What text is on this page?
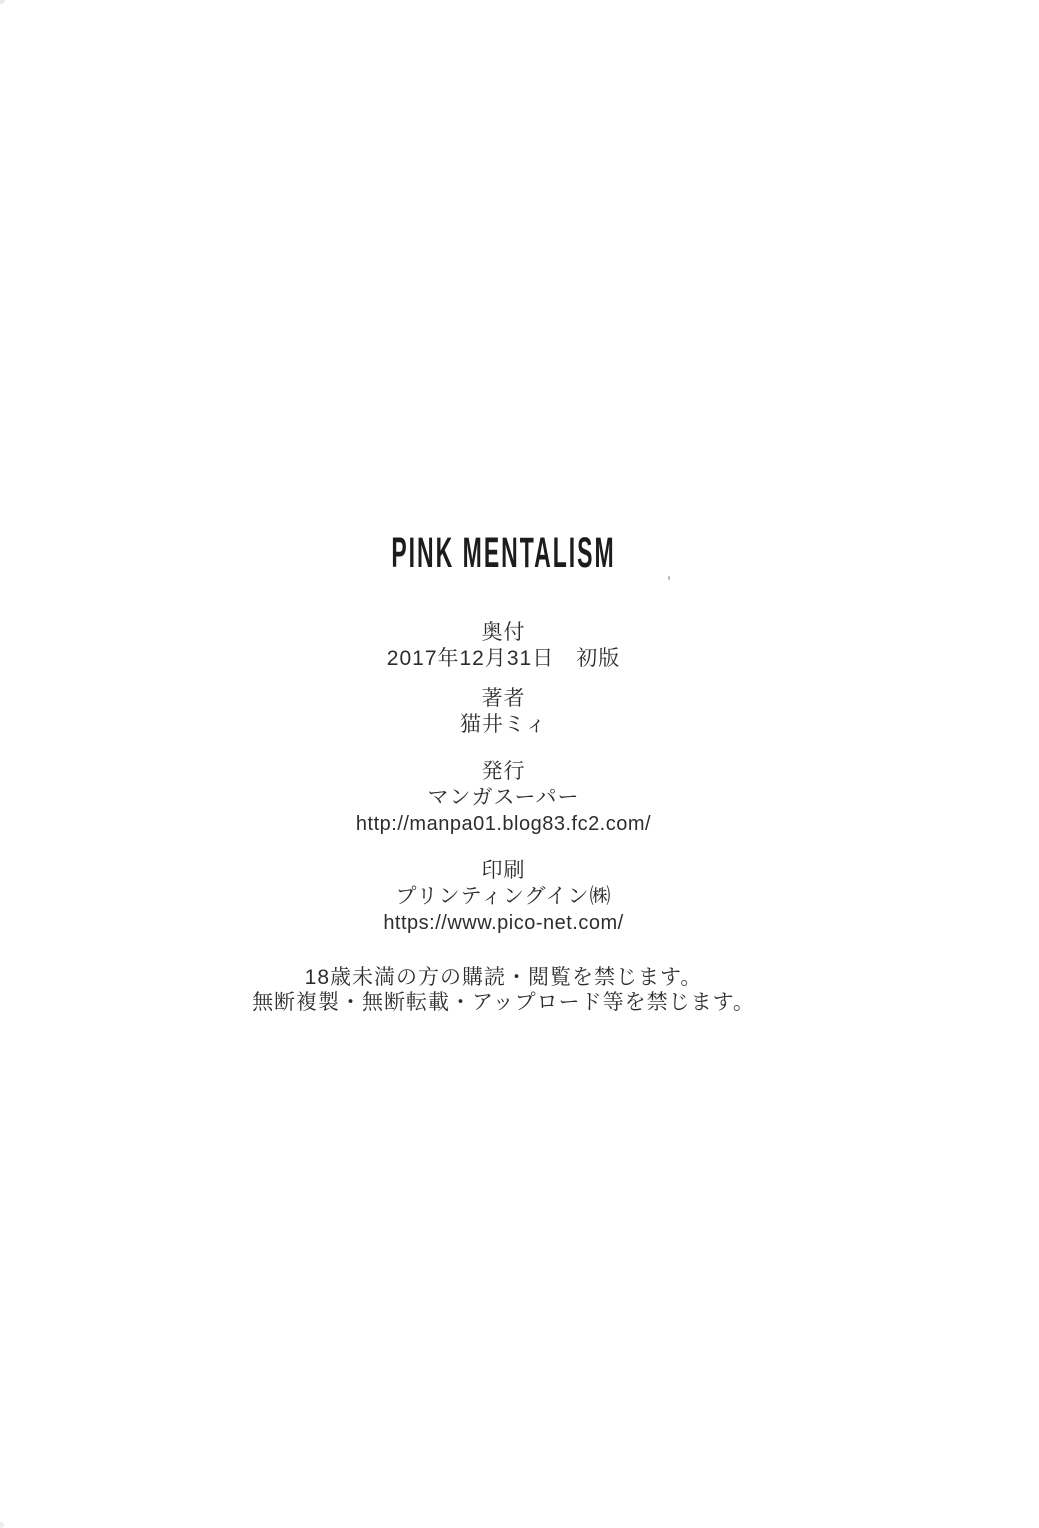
PINK MENTALISM
奥付
2017年12月31日　初版
著者
猫井ミィ
発行
マンガスーパー
http://manpa01.blog83.fc2.com/
印刷
プリンティングイン㈱
https://www.pico-net.com/
18歳未満の方の購読・閲覧を禁じます。
無断複製・無断転載・アップロード等を禁じます。
